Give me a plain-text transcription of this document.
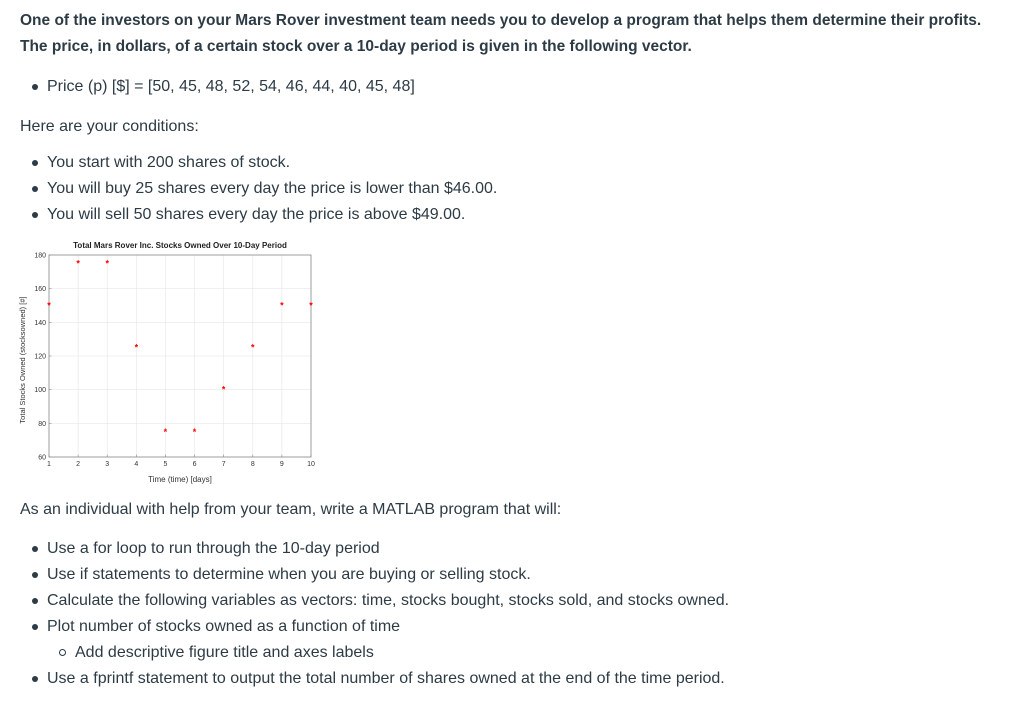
One of the investors on your Mars Rover investment team needs you to develop a program that helps them determine their profits.
The price, in dollars, of a certain stock over a 10-day period is given in the following vector.
Price (p) [$] = [50, 45, 48, 52, 54, 46, 44, 40, 45, 48]
Here are your conditions:
You start with 200 shares of stock.
You will buy 25 shares every day the price is lower than $46.00.
You will sell 50 shares every day the price is above $49.00.
Total Mars Rover Inc. Stocks Owned Over 10-Day Period
1	2	3	4	5	6	7	8	9	10
60
80
100
120
140
160
180
*
*	*
*
*	*
*
*
*	*
Time (time) [days]
Total Stocks Owned (stocksowned) [#]
As an individual with help from your team, write a MATLAB program that will:
Use a for loop to run through the 10-day period
Use if statements to determine when you are buying or selling stock.
Calculate the following variables as vectors: time, stocks bought, stocks sold, and stocks owned.
Plot number of stocks owned as a function of time
Add descriptive figure title and axes labels
Use a fprintf statement to output the total number of shares owned at the end of the time period.
